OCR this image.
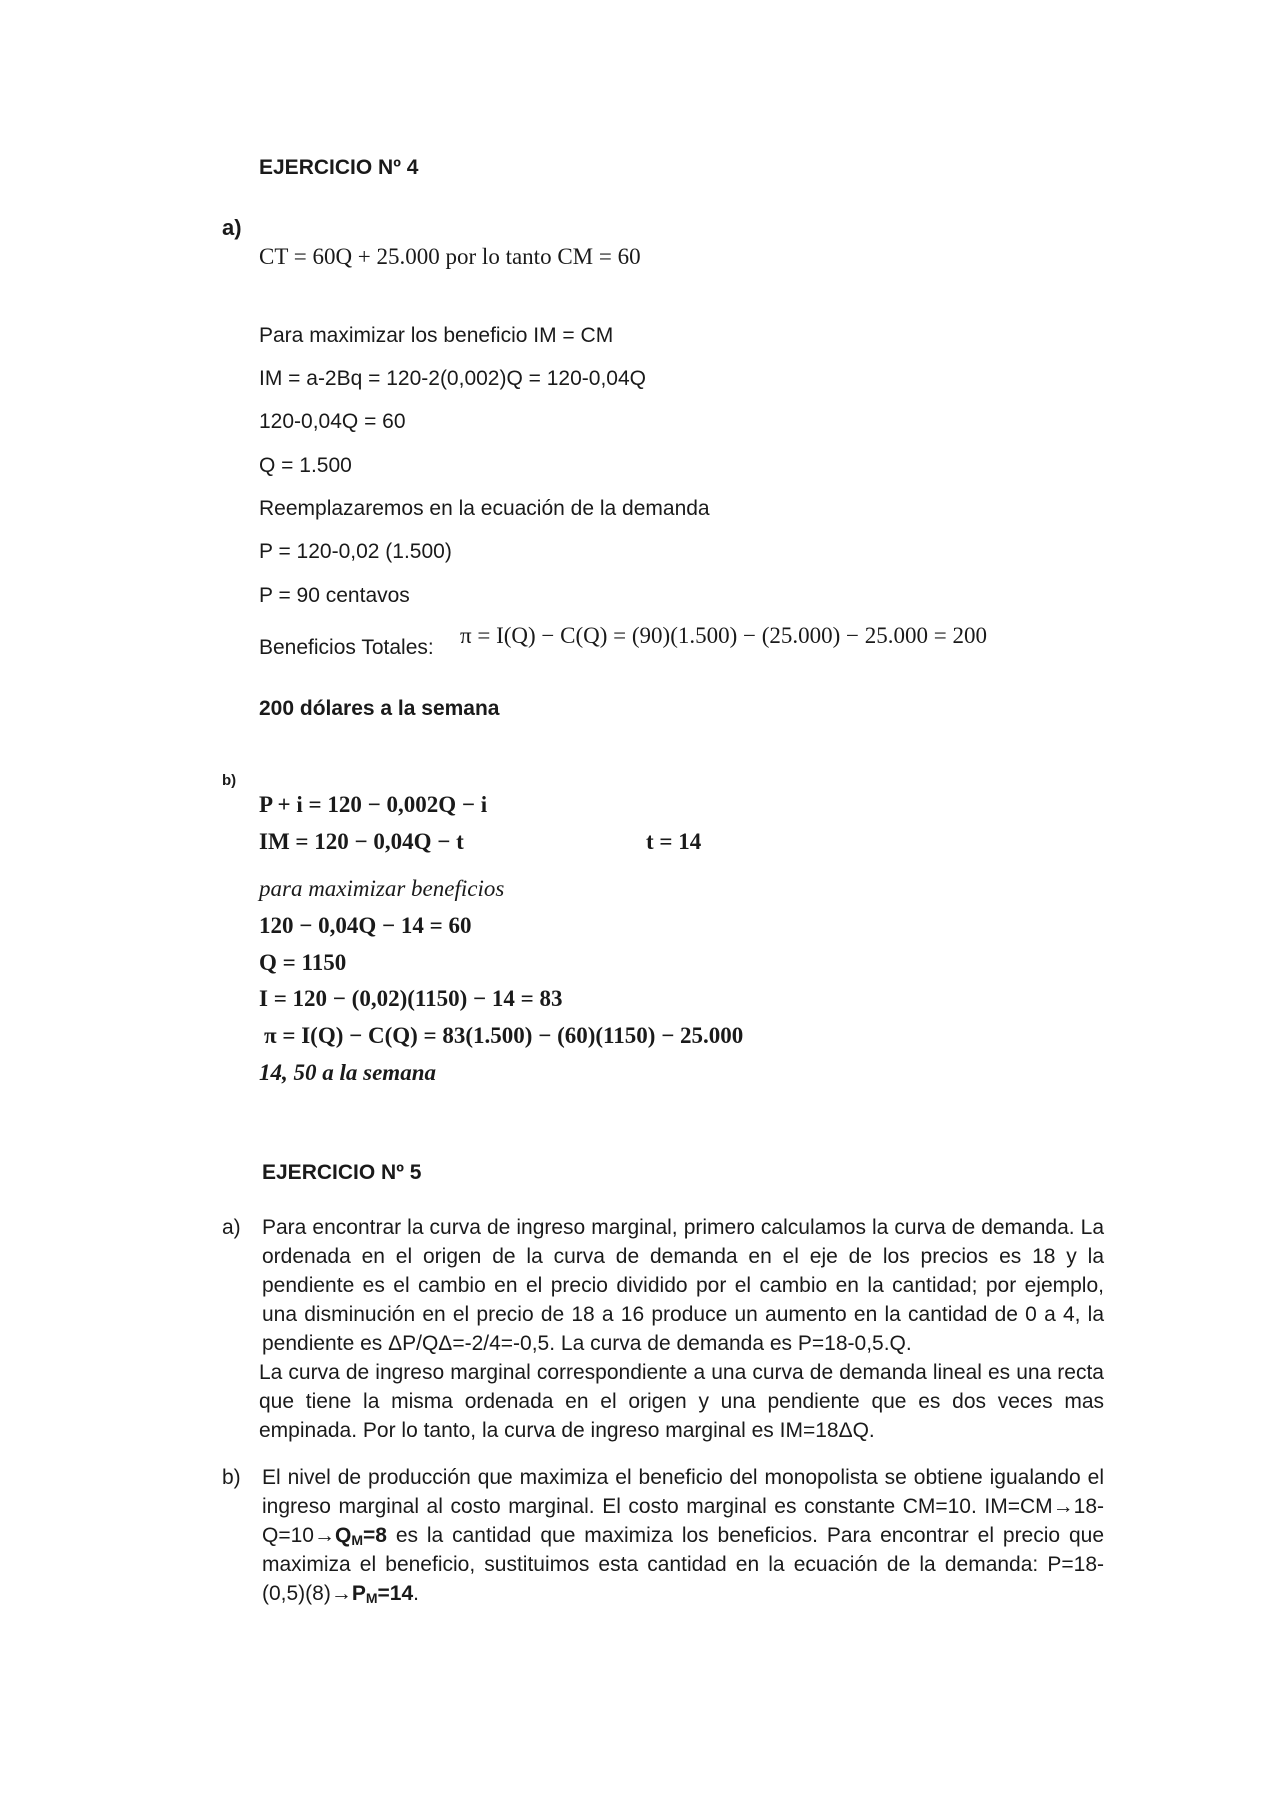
EJERCICIO Nº 4
a)
CT = 60Q + 25.000 por lo tanto CM = 60
Para maximizar los beneficio IM = CM
IM = a-2Bq = 120-2(0,002)Q = 120-0,04Q
120-0,04Q = 60
Q = 1.500
Reemplazaremos en la ecuación de la demanda
P = 120-0,02 (1.500)
P = 90 centavos
Beneficios Totales: π = I(Q) − C(Q) = (90)(1.500) − (25.000) − 25.000 = 200
200 dólares a la semana
b)
P + i = 120 − 0,002Q − i
IM = 120 − 0,04Q − t	t = 14
para maximizar beneficios
120 − 0,04Q − 14 = 60
Q = 1150
I = 120 − (0,02)(1150) − 14 = 83
π = I(Q) − C(Q) = 83(1.500) − (60)(1150) − 25.000
14, 50 a la semana
EJERCICIO Nº 5
a) Para encontrar la curva de ingreso marginal, primero calculamos la curva de demanda. La ordenada en el origen de la curva de demanda en el eje de los precios es 18 y la pendiente es el cambio en el precio dividido por el cambio en la cantidad; por ejemplo, una disminución en el precio de 18 a 16 produce un aumento en la cantidad de 0 a 4, la pendiente es ΔP/QΔ=-2/4=-0,5. La curva de demanda es P=18-0,5.Q.
La curva de ingreso marginal correspondiente a una curva de demanda lineal es una recta que tiene la misma ordenada en el origen y una pendiente que es dos veces mas empinada. Por lo tanto, la curva de ingreso marginal es IM=18ΔQ.
b) El nivel de producción que maximiza el beneficio del monopolista se obtiene igualando el ingreso marginal al costo marginal. El costo marginal es constante CM=10. $IM=CM\to 18-Q=10\to Q_M=8$ es la cantidad que maximiza los beneficios. Para encontrar el precio que maximiza el beneficio, sustituimos esta cantidad en la ecuación de la demanda: $P=18-(0,5)(8)\to P_M=14$.
